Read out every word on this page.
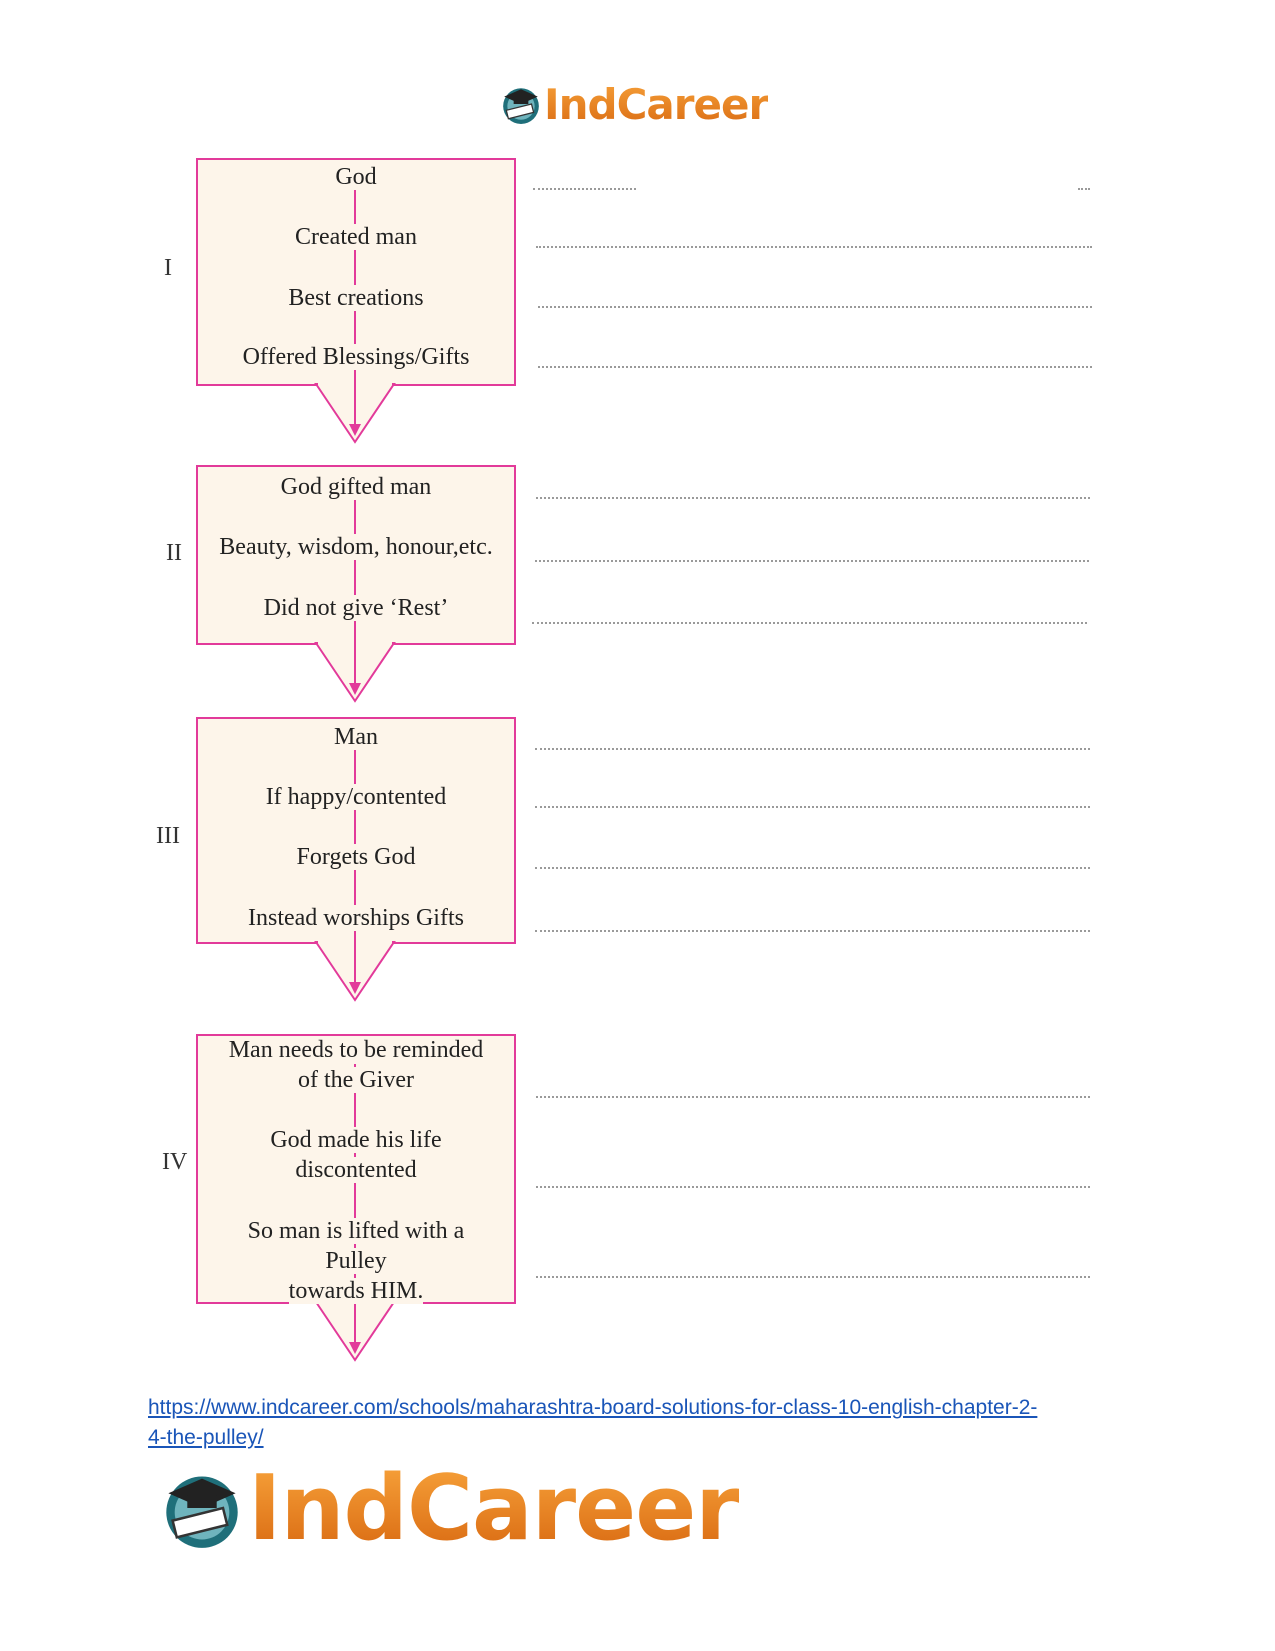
IndCareer
God
Created man
Best creations
Offered Blessings/Gifts
I
God gifted man
Beauty, wisdom, honour,etc.
Did not give ‘Rest’
II
Man
If happy/contented
Forgets God
Instead worships Gifts
III
Man needs to be reminded
of the Giver
God made his life
discontented
So man is lifted with a
Pulley
towards HIM.
IV
https://www.indcareer.com/schools/maharashtra-board-solutions-for-class-10-english-chapter-2-
4-the-pulley/
IndCareer
